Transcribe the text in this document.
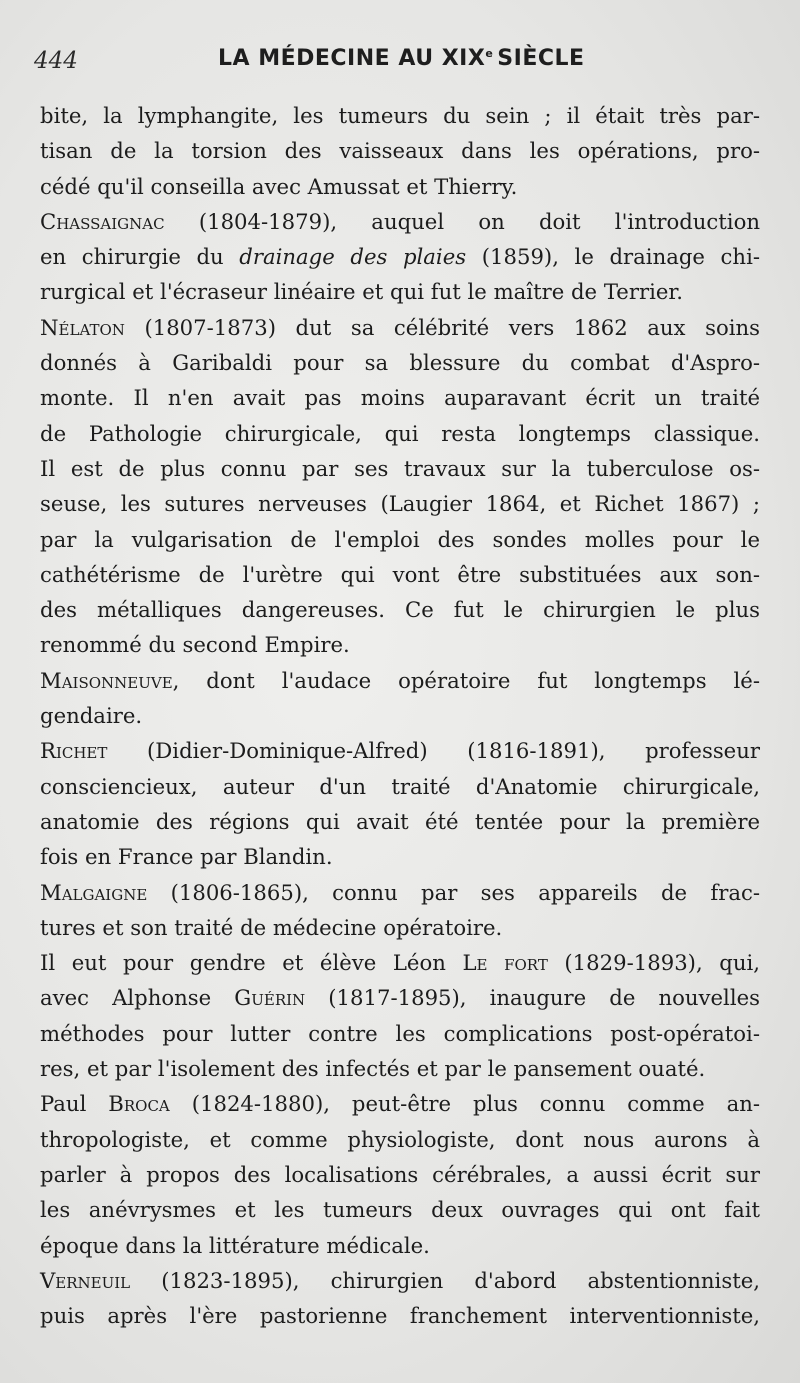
444	LA MÉDECINE AU XIXe SIÈCLE
bite, la lymphangite, les tumeurs du sein ; il était très par-
tisan de la torsion des vaisseaux dans les opérations, pro-
cédé qu'il conseilla avec Amussat et Thierry.
Chassaignac (1804-1879), auquel on doit l'introduction
en chirurgie du drainage des plaies (1859), le drainage chi-
rurgical et l'écraseur linéaire et qui fut le maître de Terrier.
Nélaton (1807-1873) dut sa célébrité vers 1862 aux soins
donnés à Garibaldi pour sa blessure du combat d'Aspro-
monte. Il n'en avait pas moins auparavant écrit un traité
de Pathologie chirurgicale, qui resta longtemps classique.
Il est de plus connu par ses travaux sur la tuberculose os-
seuse, les sutures nerveuses (Laugier 1864, et Richet 1867) ;
par la vulgarisation de l'emploi des sondes molles pour le
cathétérisme de l'urètre qui vont être substituées aux son-
des métalliques dangereuses. Ce fut le chirurgien le plus
renommé du second Empire.
Maisonneuve, dont l'audace opératoire fut longtemps lé-
gendaire.
Richet (Didier-Dominique-Alfred) (1816-1891), professeur
consciencieux, auteur d'un traité d'Anatomie chirurgicale,
anatomie des régions qui avait été tentée pour la première
fois en France par Blandin.
Malgaigne (1806-1865), connu par ses appareils de frac-
tures et son traité de médecine opératoire.
Il eut pour gendre et élève Léon Le fort (1829-1893), qui,
avec Alphonse Guérin (1817-1895), inaugure de nouvelles
méthodes pour lutter contre les complications post-opératoi-
res, et par l'isolement des infectés et par le pansement ouaté.
Paul Broca (1824-1880), peut-être plus connu comme an-
thropologiste, et comme physiologiste, dont nous aurons à
parler à propos des localisations cérébrales, a aussi écrit sur
les anévrysmes et les tumeurs deux ouvrages qui ont fait
époque dans la littérature médicale.
Verneuil (1823-1895), chirurgien d'abord abstentionniste,
puis après l'ère pastorienne franchement interventionniste,
